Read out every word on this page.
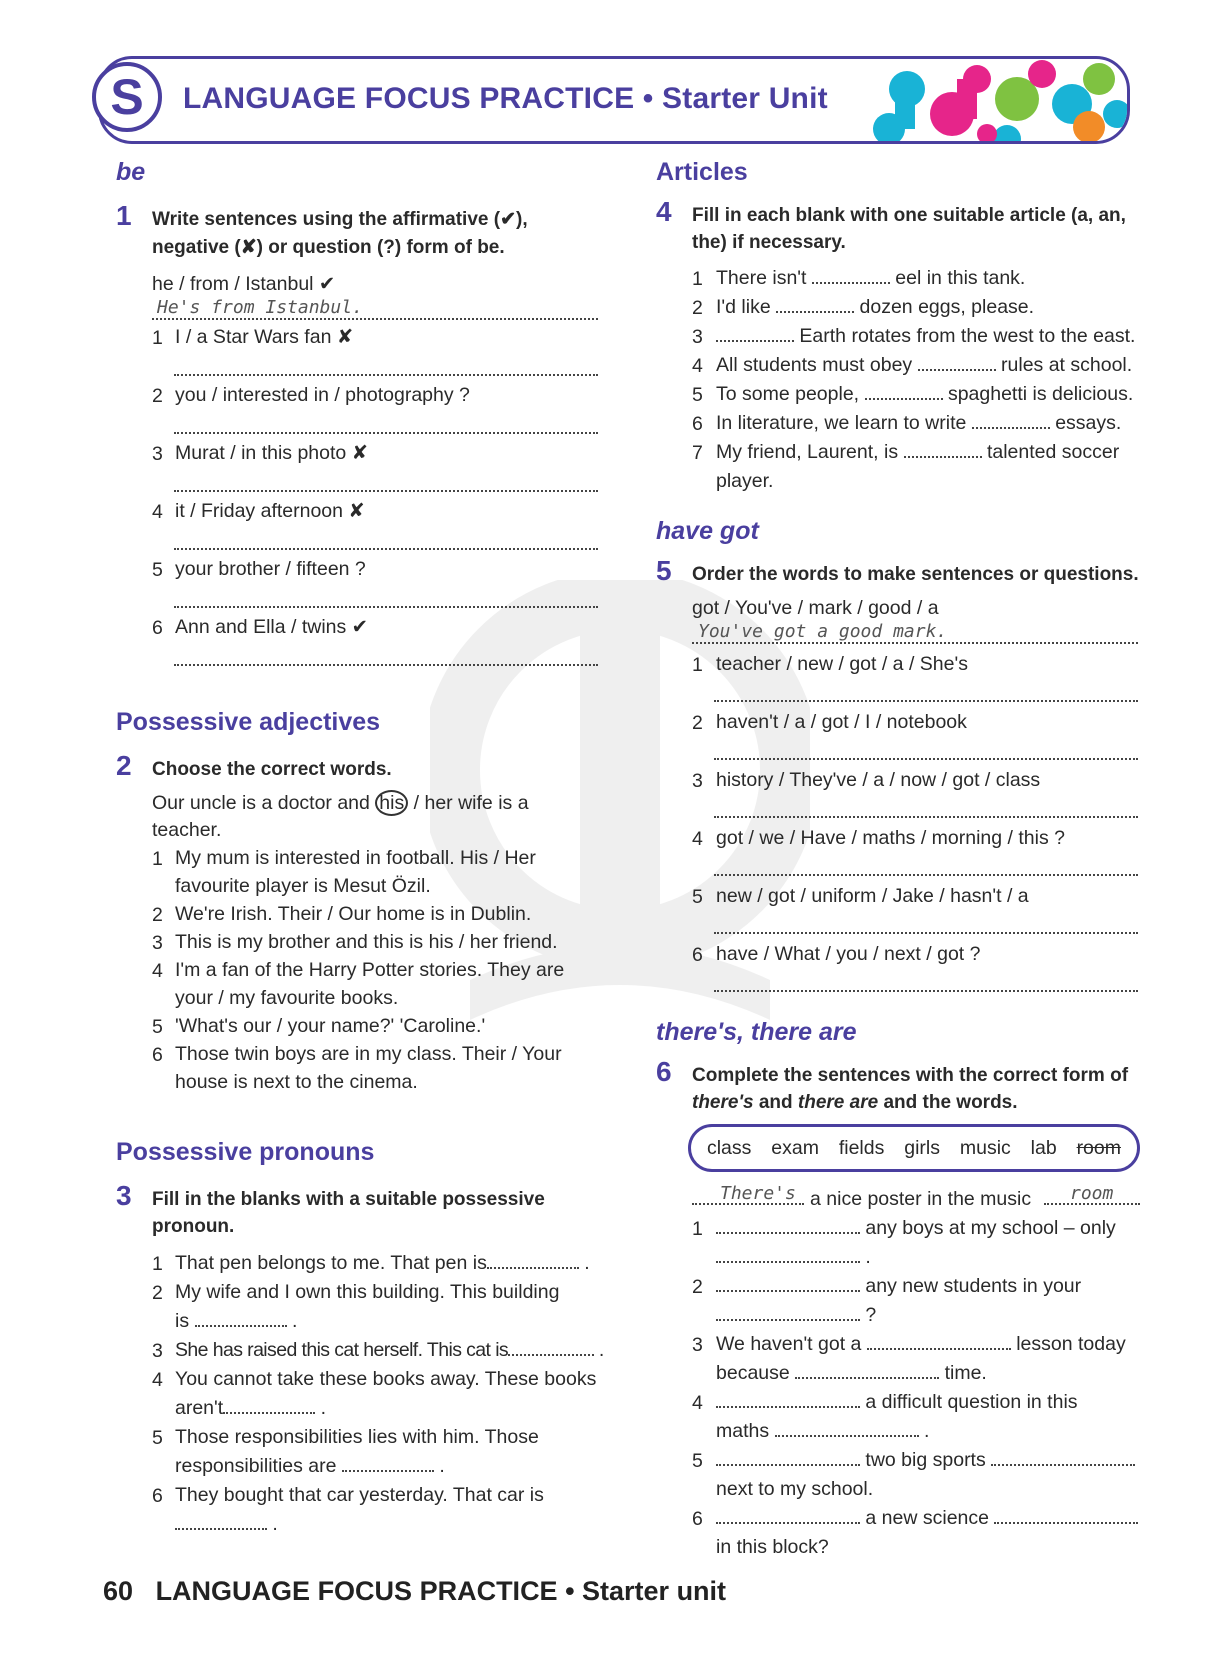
S	LANGUAGE FOCUS PRACTICE • Starter Unit
be
1 Write sentences using the affirmative (✔), negative (✘) or question (?) form of be.
he / from / Istanbul ✔
He's from Istanbul.
1 I / a Star Wars fan ✘
2 you / interested in / photography ?
3 Murat / in this photo ✘
4 it / Friday afternoon ✘
5 your brother / fifteen ?
6 Ann and Ella / twins ✔
Possessive adjectives
2 Choose the correct words.
Our uncle is a doctor and his / her wife is a
teacher.
1 My mum is interested in football. His / Her
favourite player is Mesut Özil.
2 We're Irish. Their / Our home is in Dublin.
3 This is my brother and this is his / her friend.
4 I'm a fan of the Harry Potter stories. They are
your / my favourite books.
5 'What's our / your name?' 'Caroline.'
6 Those twin boys are in my class. Their / Your
house is next to the cinema.
Possessive pronouns
3 Fill in the blanks with a suitable possessive
pronoun.
1 That pen belongs to me. That pen is	.
2 My wife and I own this building. This building
is	.
3 She has raised this cat herself. This cat is	.
4 You cannot take these books away. These books
aren't	.
5 Those responsibilities lies with him. Those
responsibilities are	.
6 They bought that car yesterday. That car is
.
Articles
4 Fill in each blank with one suitable article (a, an,
the) if necessary.
1 There isn't	eel in this tank.
2 I'd like	dozen eggs, please.
3	Earth rotates from the west to the east.
4 All students must obey	rules at school.
5 To some people,	spaghetti is delicious.
6 In literature, we learn to write	essays.
7 My friend, Laurent, is	talented soccer
player.
have got
5 Order the words to make sentences or questions.
got / You've / mark / good / a
You've got a good mark.
1 teacher / new / got / a / She's
2 haven't / a / got / I / notebook
3 history / They've / a / now / got / class
4 got / we / Have / maths / morning / this ?
5 new / got / uniform / Jake / hasn't / a
6 have / What / you / next / got ?
there's, there are
6 Complete the sentences with the correct form of
there's and there are and the words.
class exam fields girls music lab room
There's a nice poster in the music room
1	any boys at my school – only
.
2	any new students in your
?
3 We haven't got a	lesson today
because	time.
4	a difficult question in this
maths	.
5	two big sports
next to my school.
6	a new science
in this block?
60 LANGUAGE FOCUS PRACTICE • Starter unit
